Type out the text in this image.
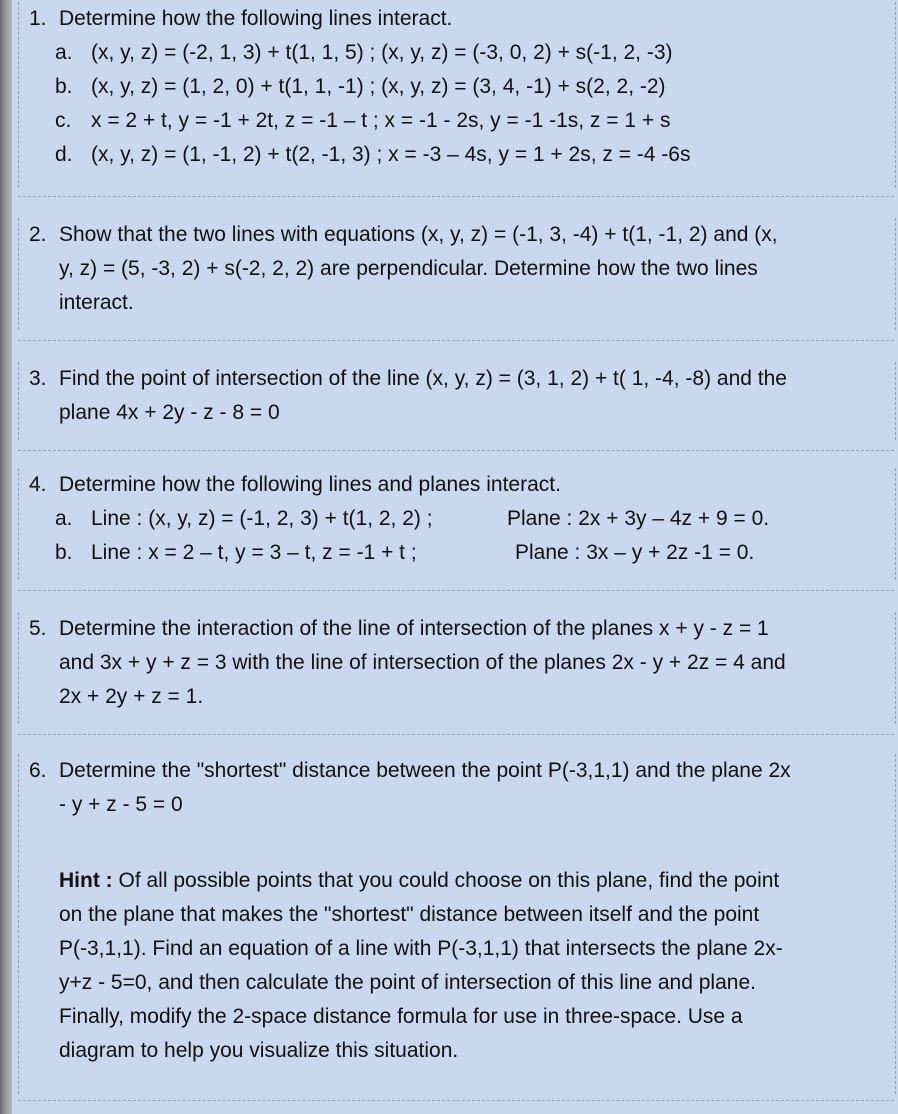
1. Determine how the following lines interact.
a. (x, y, z) = (-2, 1, 3) + t(1, 1, 5) ; (x, y, z) = (-3, 0, 2) + s(-1, 2, -3)
b. (x, y, z) = (1, 2, 0) + t(1, 1, -1) ; (x, y, z) = (3, 4, -1) + s(2, 2, -2)
c. x = 2 + t, y = -1 + 2t, z = -1 – t ; x = -1 - 2s, y = -1 -1s, z = 1 + s
d. (x, y, z) = (1, -1, 2) + t(2, -1, 3) ; x = -3 – 4s, y = 1 + 2s, z = -4 -6s
2. Show that the two lines with equations (x, y, z) = (-1, 3, -4) + t(1, -1, 2) and (x,
y, z) = (5, -3, 2) + s(-2, 2, 2) are perpendicular. Determine how the two lines
interact.
3. Find the point of intersection of the line (x, y, z) = (3, 1, 2) + t( 1, -4, -8) and the
plane 4x + 2y - z - 8 = 0
4. Determine how the following lines and planes interact.
a. Line : (x, y, z) = (-1, 2, 3) + t(1, 2, 2) ;	Plane : 2x + 3y – 4z + 9 = 0.
b. Line : x = 2 – t, y = 3 – t, z = -1 + t ;	Plane : 3x – y + 2z -1 = 0.
5. Determine the interaction of the line of intersection of the planes x + y - z = 1
and 3x + y + z = 3 with the line of intersection of the planes 2x - y + 2z = 4 and
2x + 2y + z = 1.
6. Determine the "shortest" distance between the point P(-3,1,1) and the plane 2x
- y + z - 5 = 0
Hint : Of all possible points that you could choose on this plane, find the point
on the plane that makes the "shortest" distance between itself and the point
P(-3,1,1). Find an equation of a line with P(-3,1,1) that intersects the plane 2x-
y+z - 5=0, and then calculate the point of intersection of this line and plane.
Finally, modify the 2-space distance formula for use in three-space. Use a
diagram to help you visualize this situation.
